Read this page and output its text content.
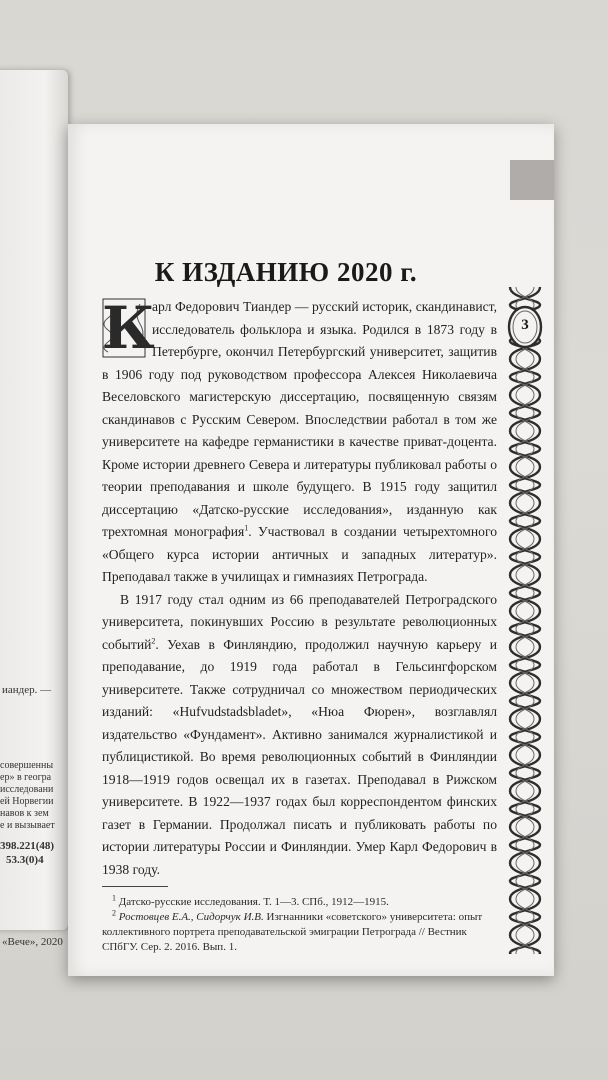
иандер. —
совершенны
ер» в геогра
исследовани
ей Норвегии
навов к зем
е и вызывает
398.221(48)
53.3(0)4
«Вече», 2020
К ИЗДАНИЮ 2020 г.

К
арл Федорович Тиандер — русский историк, скандинавист, исследователь фольклора и языка. Родился в 1873 году в Петербурге, окончил Петербургский университет, защитив в 1906 году под руководством профессора Алексея Николаевича Веселовского магистерскую диссертацию, посвященную связям скандинавов с Русским Севером. Впоследствии работал в том же университете на кафедре германистики в качестве приват-доцента. Кроме истории древнего Севера и литературы публиковал работы о теории преподавания и школе будущего. В 1915 году защитил диссертацию «Датско-русские исследования», изданную как трехтомная монография$^1$. Участвовал в создании четырехтомного «Общего курса истории античных и западных литератур». Преподавал также в училищах и гимназиях Петрограда.

В 1917 году стал одним из 66 преподавателей Петроградского университета, покинувших Россию в результате революционных событий$^2$. Уехав в Финляндию, продолжил научную карьеру и преподавание, до 1919 года работал в Гельсингфорском университете. Также сотрудничал со множеством периодических изданий: «Hufvudstadsbladet», «Нюа Фюрен», возглавлял издательство «Фундамент». Активно занимался журналистикой и публицистикой. Во время революционных событий в Финляндии 1918—1919 годов освещал их в газетах. Преподавал в Рижском университете. В 1922—1937 годах был корреспондентом финских газет в Германии. Продолжал писать и публиковать работы по истории литературы России и Финляндии. Умер Карл Федорович в 1938 году.

$^1$ Датско-русские исследования. Т. 1—3. СПб., 1912—1915.

$^2$ Ростовцев Е.А., Сидорчук И.В. Изгнанники «советского» университета: опыт коллективного портрета преподавательской эмиграции Петрограда // Вестник СПбГУ. Сер. 2. 2016. Вып. 1.

3
